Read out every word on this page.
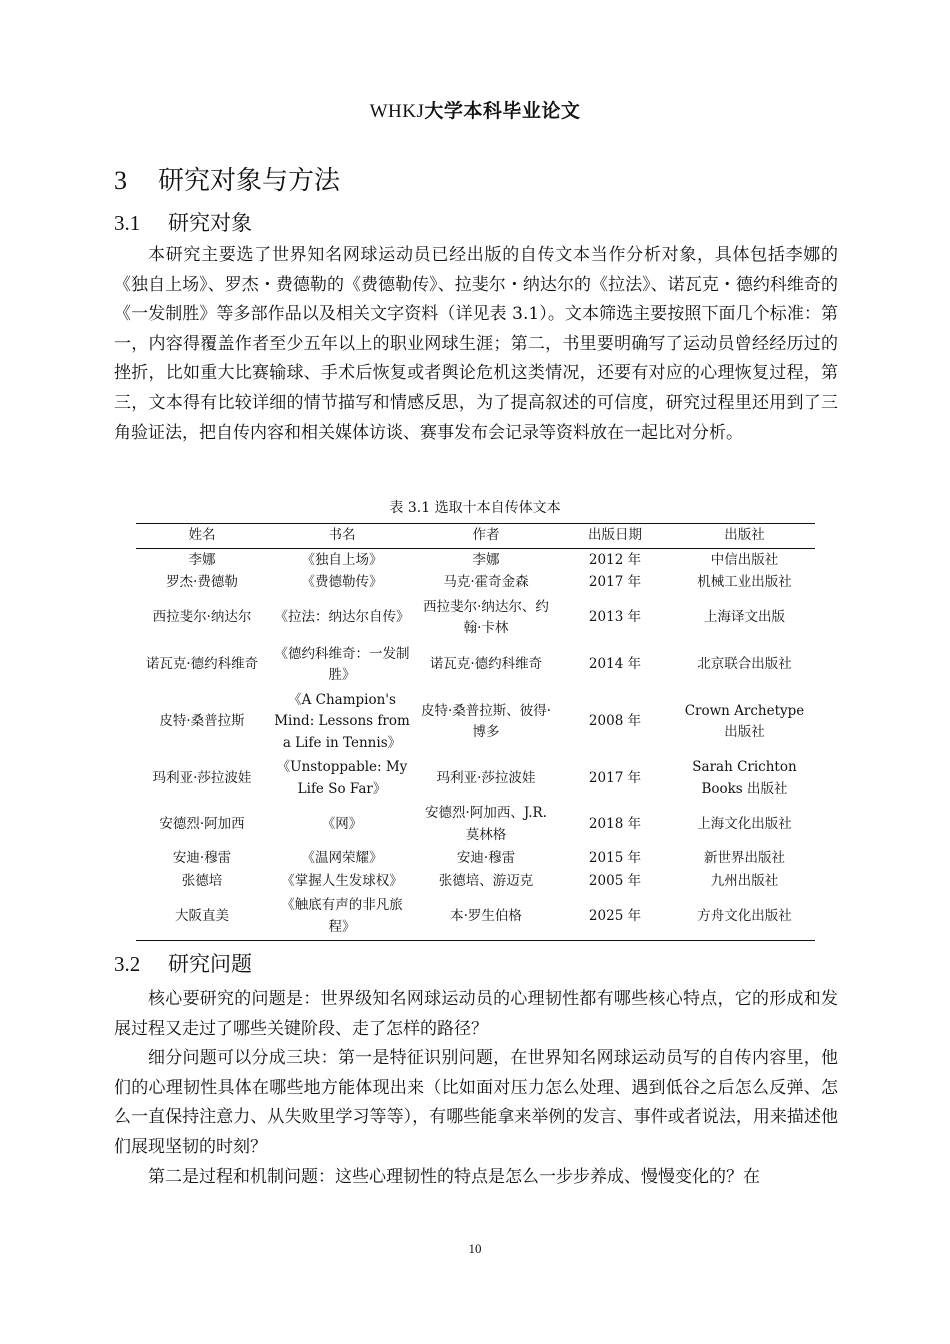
WHKJ大学本科毕业论文
3 研究对象与方法
3.1 研究对象
本研究主要选了世界知名网球运动员已经出版的自传文本当作分析对象，具体包括李娜的《独自上场》、罗杰・费德勒的《费德勒传》、拉斐尔・纳达尔的《拉法》、诺瓦克・德约科维奇的《一发制胜》等多部作品以及相关文字资料（详见表 3.1）。文本筛选主要按照下面几个标准：第一，内容得覆盖作者至少五年以上的职业网球生涯；第二，书里要明确写了运动员曾经经历过的挫折，比如重大比赛输球、手术后恢复或者舆论危机这类情况，还要有对应的心理恢复过程，第三，文本得有比较详细的情节描写和情感反思，为了提高叙述的可信度，研究过程里还用到了三角验证法，把自传内容和相关媒体访谈、赛事发布会记录等资料放在一起比对分析。
表 3.1 选取十本自传体文本
姓名	书名	作者	出版日期	出版社
李娜	《独自上场》	李娜	2012 年	中信出版社
罗杰·费德勒	《费德勒传》	马克·霍奇金森	2017 年	机械工业出版社
西拉斐尔·纳达尔	《拉法：纳达尔自传》	西拉斐尔·纳达尔、约翰·卡林	2013 年	上海译文出版
诺瓦克·德约科维奇	《德约科维奇：一发制胜》	诺瓦克·德约科维奇	2014 年	北京联合出版社
皮特·桑普拉斯	《A Champion's Mind: Lessons from a Life in Tennis》	皮特·桑普拉斯、彼得·博多	2008 年	Crown Archetype 出版社
玛利亚·莎拉波娃	《Unstoppable: My Life So Far》	玛利亚·莎拉波娃	2017 年	Sarah Crichton Books 出版社
安德烈·阿加西	《网》	安德烈·阿加西、J.R.莫林格	2018 年	上海文化出版社
安迪·穆雷	《温网荣耀》	安迪·穆雷	2015 年	新世界出版社
张德培	《掌握人生发球权》	张德培、游迈克	2005 年	九州出版社
大阪直美	《触底有声的非凡旅程》	本·罗生伯格	2025 年	方舟文化出版社
3.2 研究问题
核心要研究的问题是：世界级知名网球运动员的心理韧性都有哪些核心特点，它的形成和发展过程又走过了哪些关键阶段、走了怎样的路径？
细分问题可以分成三块：第一是特征识别问题，在世界知名网球运动员写的自传内容里，他们的心理韧性具体在哪些地方能体现出来（比如面对压力怎么处理、遇到低谷之后怎么反弹、怎么一直保持注意力、从失败里学习等等），有哪些能拿来举例的发言、事件或者说法，用来描述他们展现坚韧的时刻？
第二是过程和机制问题：这些心理韧性的特点是怎么一步步养成、慢慢变化的？在
10
